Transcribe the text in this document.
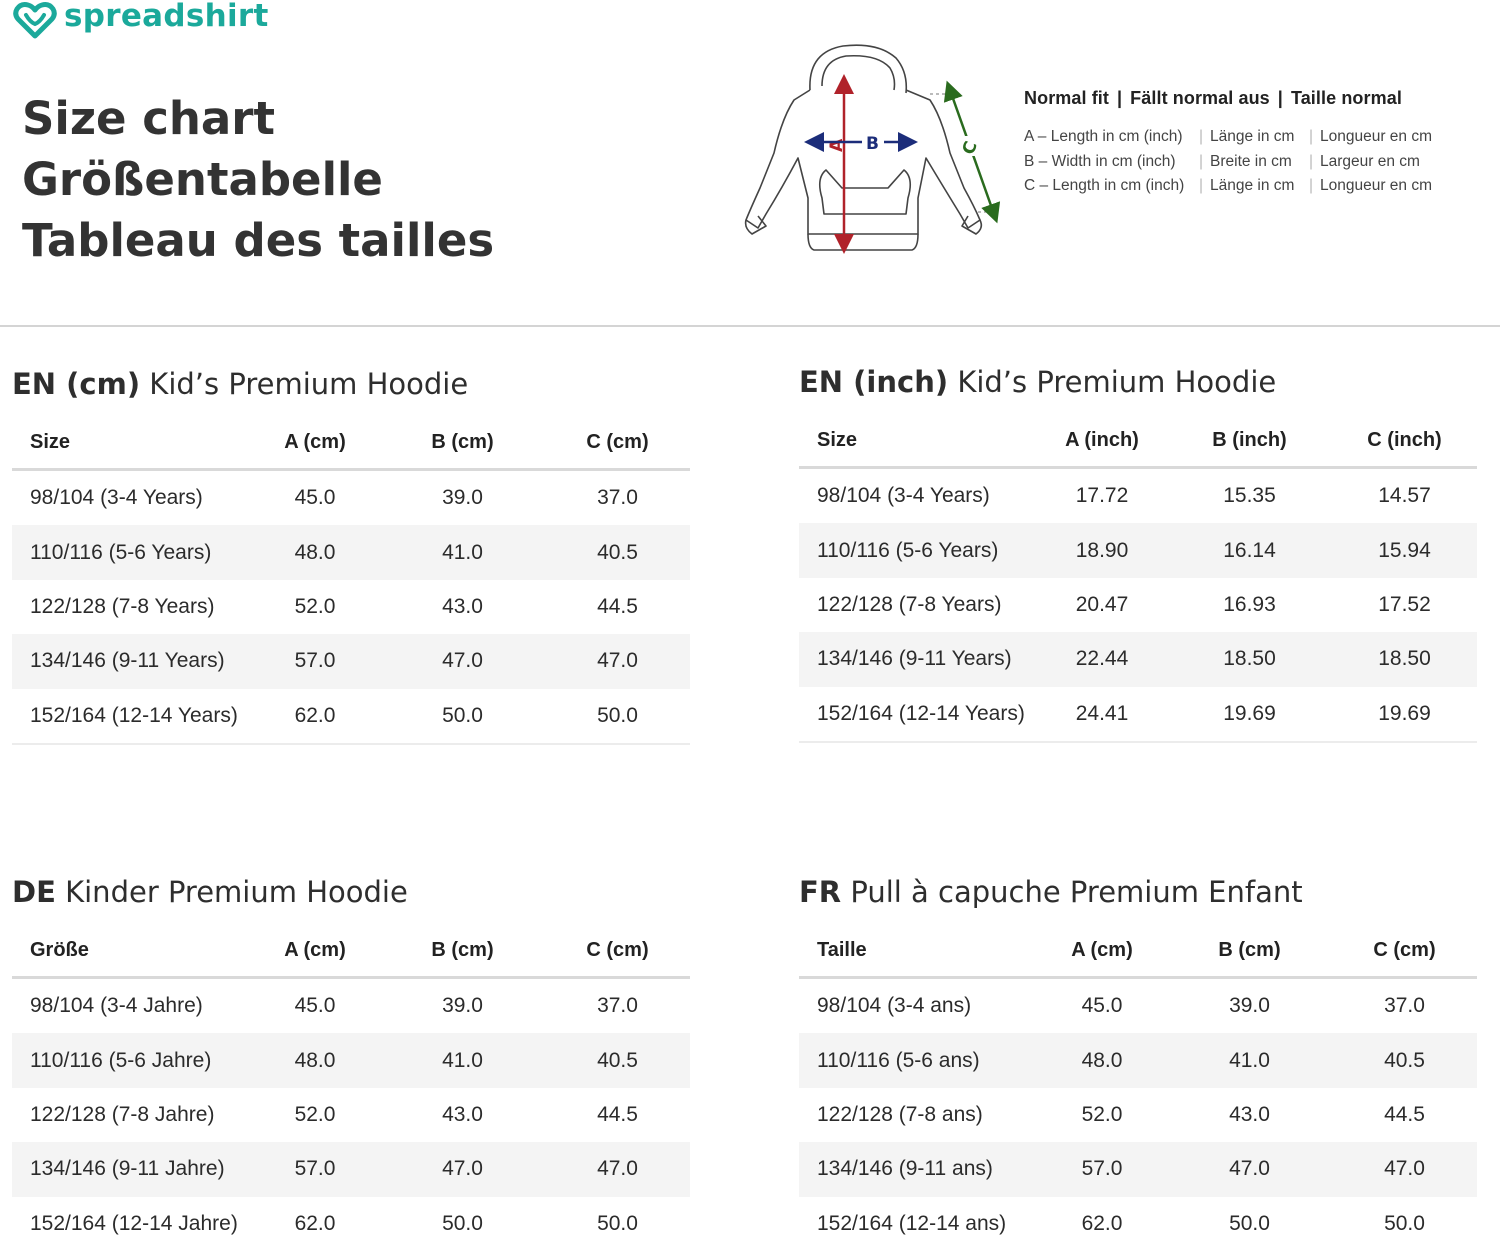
spreadshirt
Size chart
Größentabelle
Tableau des tailles
A B	C
Normal fit | Fällt normal aus | Taille normal
A – Length in cm (inch)	| Länge in cm | Longueur en cm
B – Width in cm (inch)	| Breite in cm	| Largeur en cm
C – Length in cm (inch) | Länge in cm | Longueur en cm
EN (cm) Kid’s Premium Hoodie
Size	A (cm)	B (cm)	C (cm)
98/104 (3-4 Years)	45.0	39.0	37.0
110/116 (5-6 Years)	48.0	41.0	40.5
122/128 (7-8 Years)	52.0	43.0	44.5
134/146 (9-11 Years)	57.0	47.0	47.0
152/164 (12-14 Years)	62.0	50.0	50.0
EN (inch) Kid’s Premium Hoodie
Size	A (inch)	B (inch)	C (inch)
98/104 (3-4 Years)	17.72	15.35	14.57
110/116 (5-6 Years)	18.90	16.14	15.94
122/128 (7-8 Years)	20.47	16.93	17.52
134/146 (9-11 Years)	22.44	18.50	18.50
152/164 (12-14 Years)	24.41	19.69	19.69
DE Kinder Premium Hoodie
Größe	A (cm)	B (cm)	C (cm)
98/104 (3-4 Jahre)	45.0	39.0	37.0
110/116 (5-6 Jahre)	48.0	41.0	40.5
122/128 (7-8 Jahre)	52.0	43.0	44.5
134/146 (9-11 Jahre)	57.0	47.0	47.0
152/164 (12-14 Jahre)	62.0	50.0	50.0
FR Pull à capuche Premium Enfant
Taille	A (cm)	B (cm)	C (cm)
98/104 (3-4 ans)	45.0	39.0	37.0
110/116 (5-6 ans)	48.0	41.0	40.5
122/128 (7-8 ans)	52.0	43.0	44.5
134/146 (9-11 ans)	57.0	47.0	47.0
152/164 (12-14 ans)	62.0	50.0	50.0
